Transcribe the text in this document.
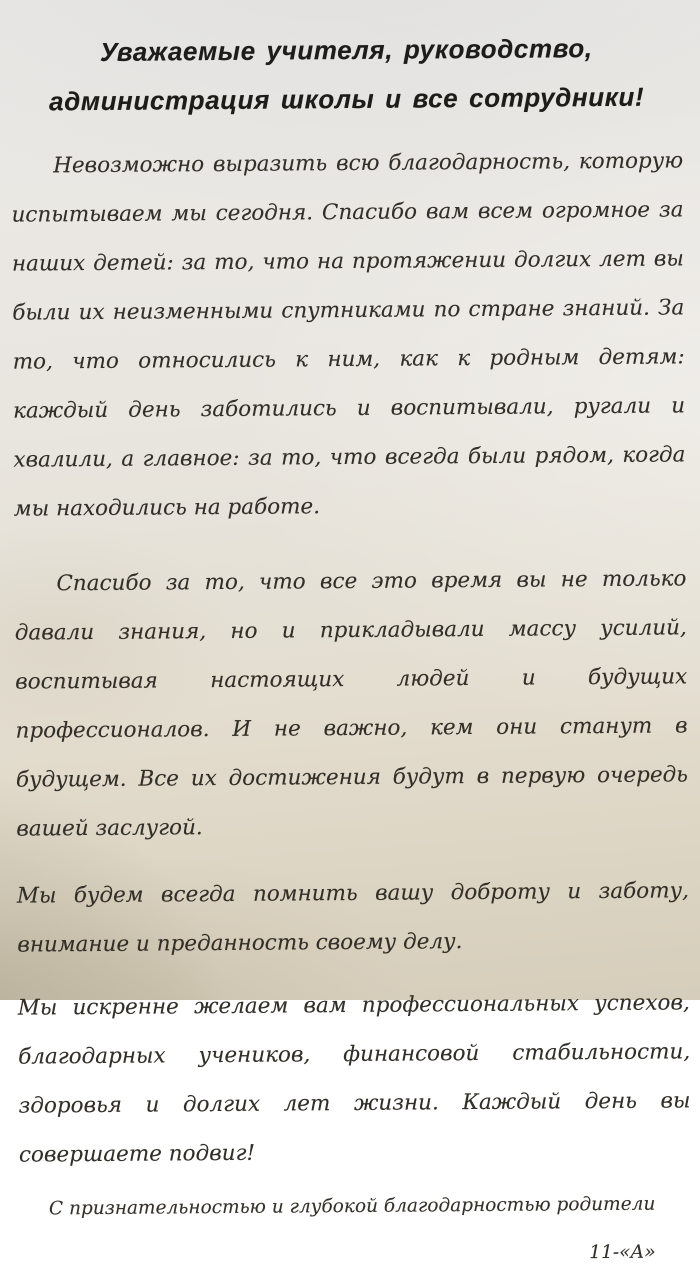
Уважаемые учителя, руководство,
администрация школы и все сотрудники!

Невозможно выразить всю благодарность, которую испытываем мы сегодня. Спасибо вам всем огромное за наших детей: за то, что на протяжении долгих лет вы были их неизменными спутниками по стране знаний. За то, что относились к ним, как к родным детям: каждый день заботились и воспитывали, ругали и хвалили, а главное: за то, что всегда были рядом, когда мы находились на работе.

Спасибо за то, что все это время вы не только давали знания, но и прикладывали массу усилий, воспитывая настоящих людей и будущих профессионалов. И не важно, кем они станут в будущем. Все их достижения будут в первую очередь вашей заслугой.

Мы будем всегда помнить вашу доброту и заботу, внимание и преданность своему делу.

Мы искренне желаем вам профессиональных успехов, благодарных учеников, финансовой стабильности, здоровья и долгих лет жизни. Каждый день вы совершаете подвиг!

С признательностью и глубокой благодарностью родители 11-«А»
